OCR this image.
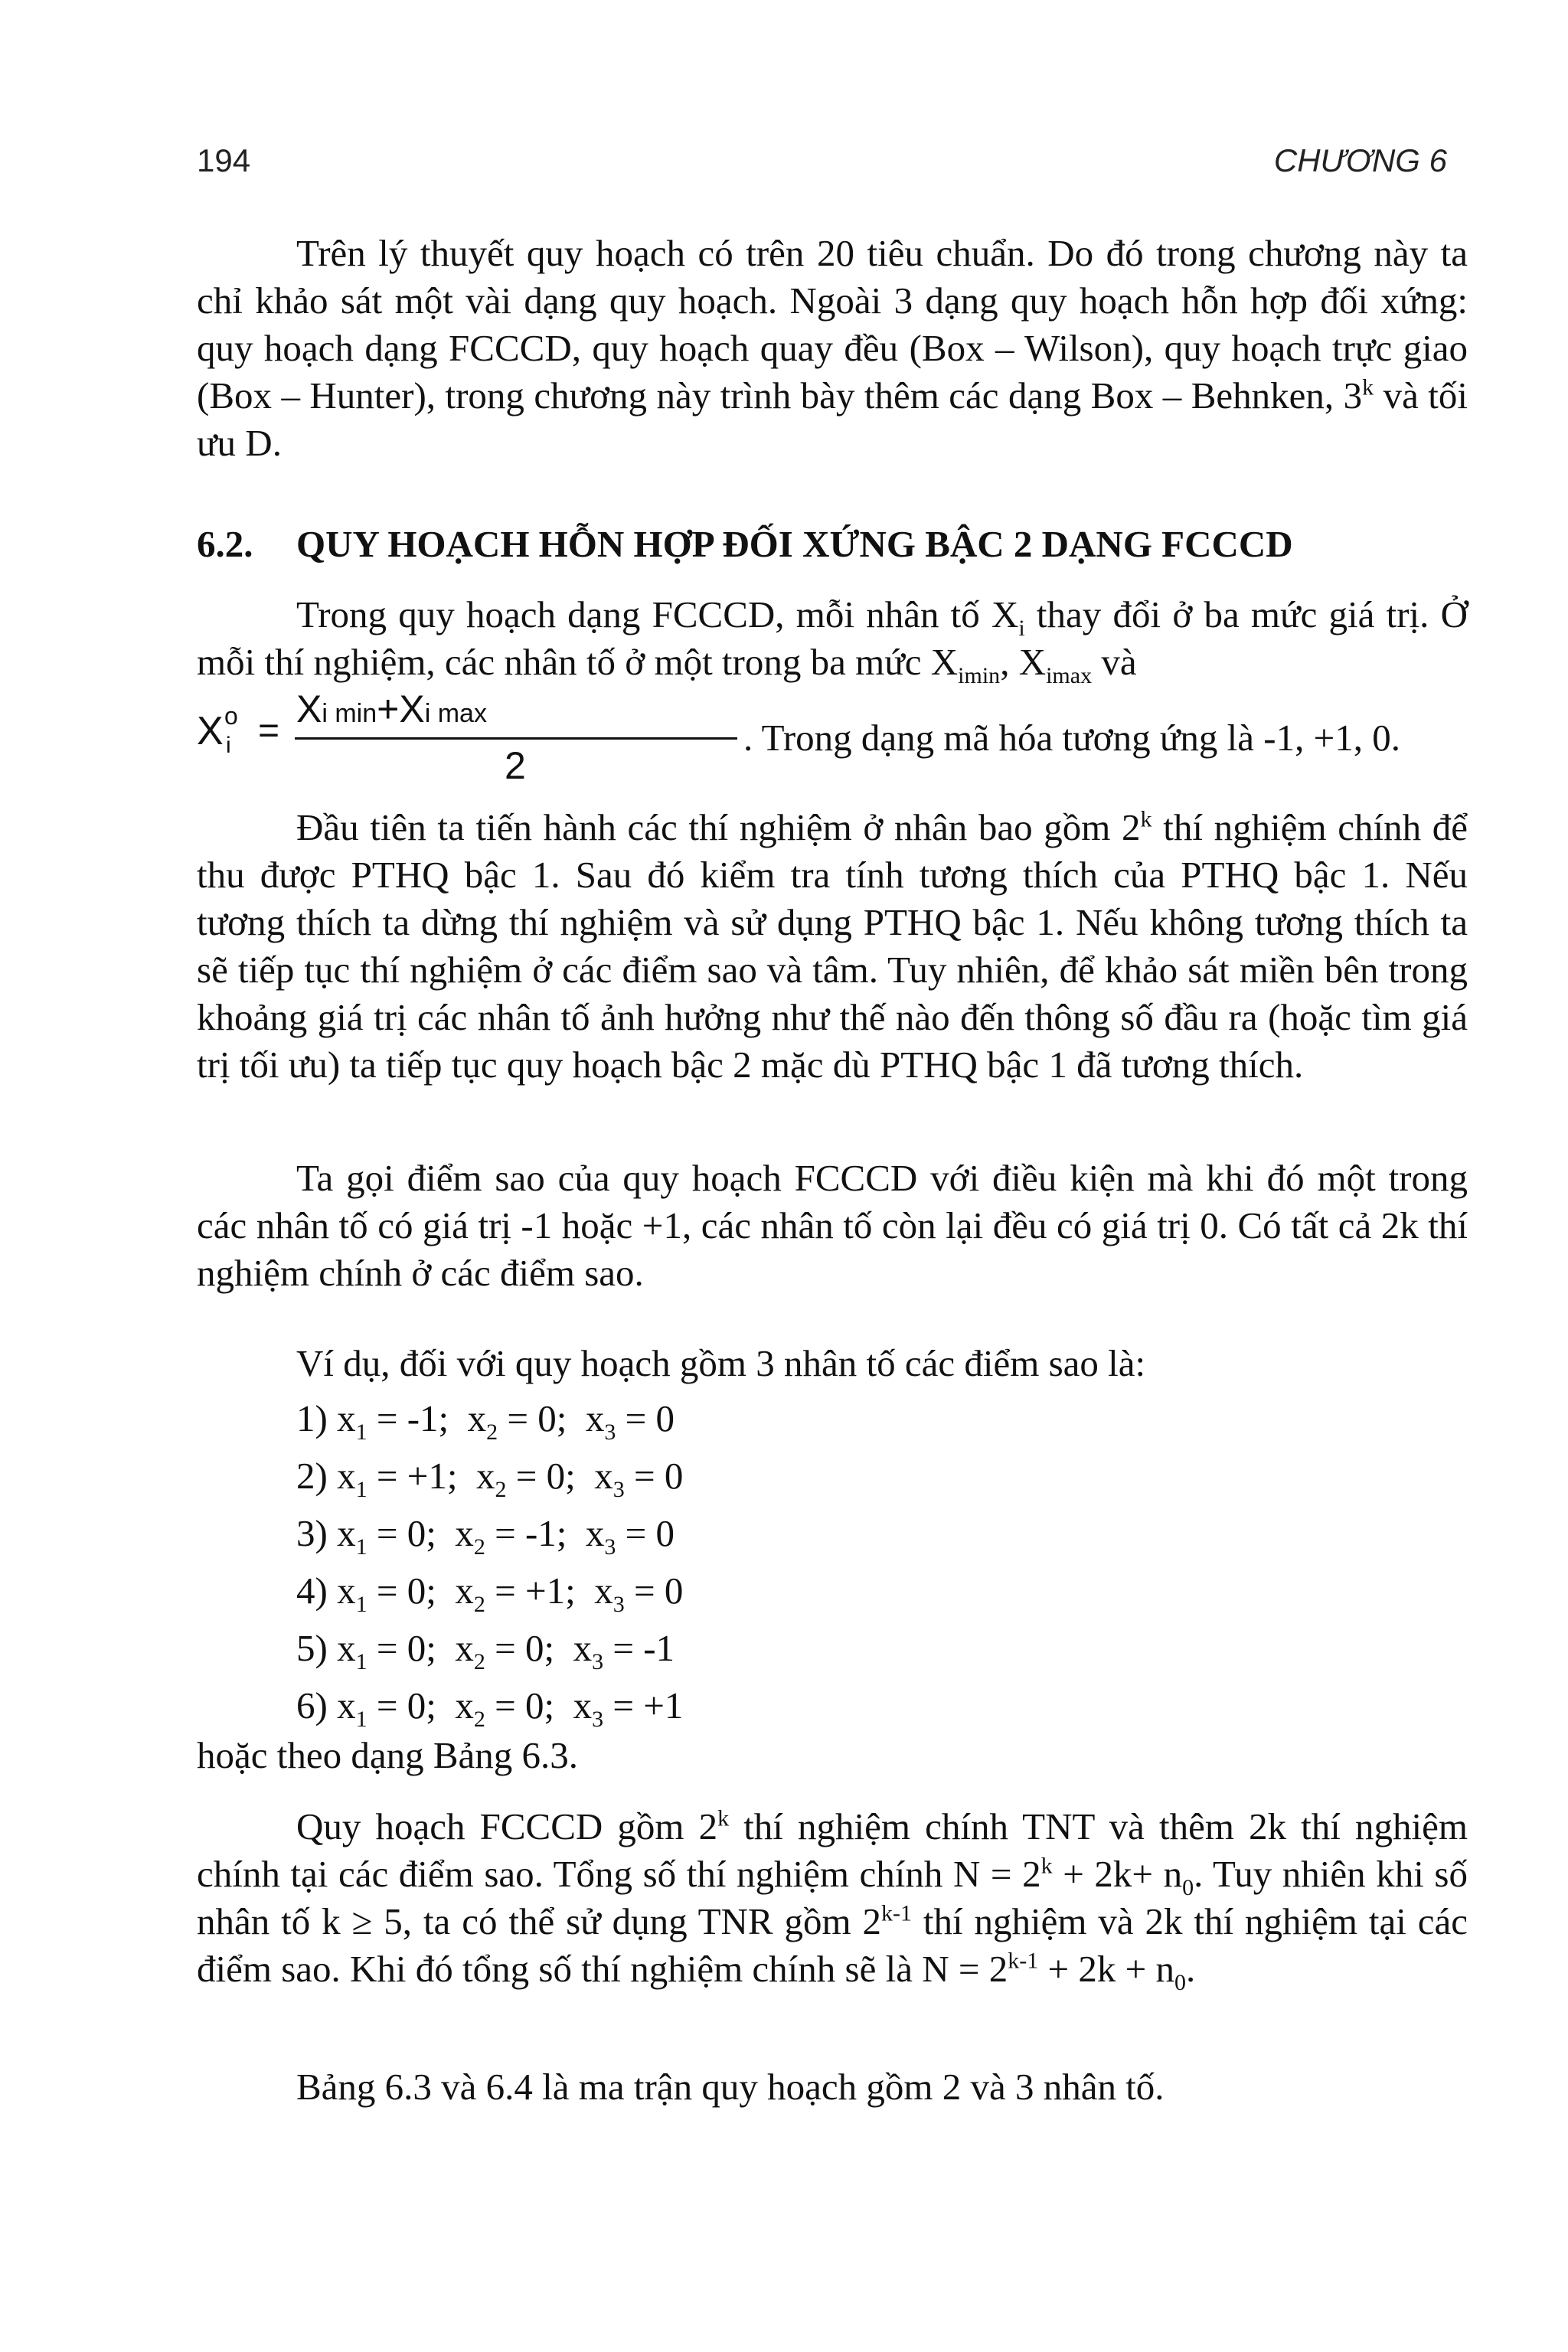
194	CHƯƠNG 6
Trên lý thuyết quy hoạch có trên 20 tiêu chuẩn. Do đó trong chương này ta chỉ khảo sát một vài dạng quy hoạch. Ngoài 3 dạng quy hoạch hỗn hợp đối xứng: quy hoạch dạng FCCCD, quy hoạch quay đều (Box – Wilson), quy hoạch trực giao (Box – Hunter), trong chương này trình bày thêm các dạng Box – Behnken, 3$^k$ và tối ưu D.
6.2. QUY HOẠCH HỖN HỢP ĐỐI XỨNG BẬC 2 DẠNG FCCCD
Trong quy hoạch dạng FCCCD, mỗi nhân tố $X_i$ thay đổi ở ba mức giá trị. Ở mỗi thí nghiệm, các nhân tố ở một trong ba mức $X_{imin}$, $X_{imax}$ và
X o
i =
Xi min+Xi max
2
. Trong dạng mã hóa tương ứng là -1, +1, 0.
Đầu tiên ta tiến hành các thí nghiệm ở nhân bao gồm 2$^k$ thí nghiệm chính để thu được PTHQ bậc 1. Sau đó kiểm tra tính tương thích của PTHQ bậc 1. Nếu tương thích ta dừng thí nghiệm và sử dụng PTHQ bậc 1. Nếu không tương thích ta sẽ tiếp tục thí nghiệm ở các điểm sao và tâm. Tuy nhiên, để khảo sát miền bên trong khoảng giá trị các nhân tố ảnh hưởng như thế nào đến thông số đầu ra (hoặc tìm giá trị tối ưu) ta tiếp tục quy hoạch bậc 2 mặc dù PTHQ bậc 1 đã tương thích.
Ta gọi điểm sao của quy hoạch FCCCD với điều kiện mà khi đó một trong các nhân tố có giá trị -1 hoặc +1, các nhân tố còn lại đều có giá trị 0. Có tất cả 2k thí nghiệm chính ở các điểm sao.
Ví dụ, đối với quy hoạch gồm 3 nhân tố các điểm sao là:
1) $x_1 = -1$;  $x_2 = 0$;  $x_3 = 0$
2) $x_1 = +1$;  $x_2 = 0$;  $x_3 = 0$
3) $x_1 = 0$;  $x_2 = -1$;  $x_3 = 0$
4) $x_1 = 0$;  $x_2 = +1$;  $x_3 = 0$
5) $x_1 = 0$;  $x_2 = 0$;  $x_3 = -1$
6) $x_1 = 0$;  $x_2 = 0$;  $x_3 = +1$
hoặc theo dạng Bảng 6.3.
Quy hoạch FCCCD gồm 2$^k$ thí nghiệm chính TNT và thêm 2k thí nghiệm chính tại các điểm sao. Tổng số thí nghiệm chính $N = 2^k + 2k+ n_0$. Tuy nhiên khi số nhân tố k ≥ 5, ta có thể sử dụng TNR gồm 2$^{k-1}$ thí nghiệm và 2k thí nghiệm tại các điểm sao. Khi đó tổng số thí nghiệm chính sẽ là $N = 2^{k-1} + 2k + n_0$.
Bảng 6.3 và 6.4 là ma trận quy hoạch gồm 2 và 3 nhân tố.
